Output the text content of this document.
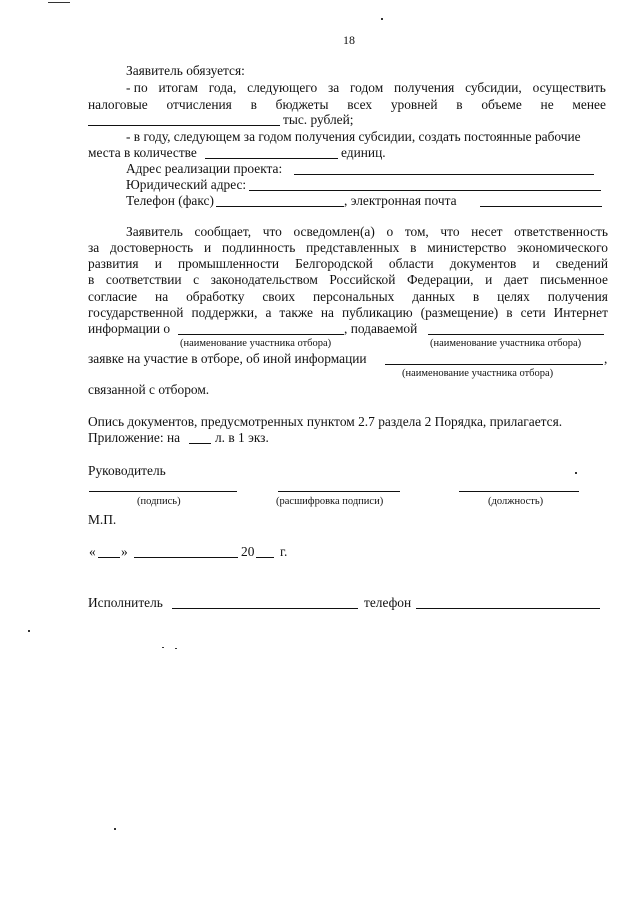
18
Заявитель обязуется:
- по итогам года, следующего за годом получения субсидии, осуществить
налоговые отчисления в бюджеты всех уровней в объеме не менее
тыс. рублей;
- в году, следующем за годом получения субсидии, создать постоянные рабочие
места в количестве	единиц.
Адрес реализации проекта:
Юридический адрес:
Телефон (факс)	, электронная почта
Заявитель сообщает, что осведомлен(а) о том, что несет ответственность
за достоверность и подлинность представленных в министерство экономического
развития и промышленности Белгородской области документов и сведений
в соответствии с законодательством Российской Федерации, и дает письменное
согласие на обработку своих персональных данных в целях получения
государственной поддержки, а также на публикацию (размещение) в сети Интернет
информации о	, подаваемой
(наименование участника отбора)	(наименование участника отбора)
заявке на участие в отборе, об иной информации	,
(наименование участника отбора)
связанной с отбором.
Опись документов, предусмотренных пунктом 2.7 раздела 2 Порядка, прилагается.
Приложение: на	л. в 1 экз.
Руководитель
(подпись)	(расшифровка подписи)	(должность)
М.П.
« »	20 г.
Исполнитель	телефон
